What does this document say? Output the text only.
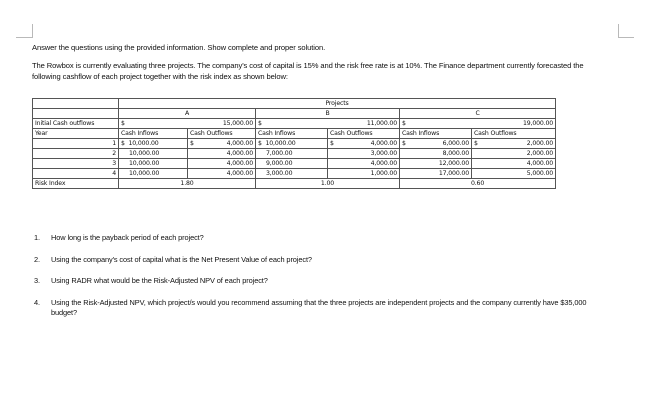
Answer the questions using the provided information. Show complete and proper solution.
The Rowbox is currently evaluating three projects. The company's cost of capital is 15% and the risk free rate is at 10%. The Finance department currently forecasted the following cashflow of each project together with the risk index as shown below:
	Projects					
	A		B		C	
Initial Cash outflows	$ 15,000.00		$ 11,000.00		$ 19,000.00	

Year	Cash Inflows	Cash Outflows	Cash Inflows	Cash Outflows	Cash Inflows	Cash Outflows
1	$ 10,000.00	$ 4,000.00	$ 10,000.00	$ 4,000.00	$ 6,000.00	$ 2,000.00

2	10,000.00	4,000.00	7,000.00	3,000.00	8,000.00	2,000.00
3	10,000.00	4,000.00	9,000.00	4,000.00	12,000.00	4,000.00
4	10,000.00	4,000.00	3,000.00	1,000.00	17,000.00	5,000.00
Risk Index	1.80		1.00		0.60	
1.	How long is the payback period of each project?
2.	Using the company's cost of capital what is the Net Present Value of each project?
3.	Using RADR what would be the Risk-Adjusted NPV of each project?
4.	Using the Risk-Adjusted NPV, which project/s would you recommend assuming that the three projects are independent projects and the company currently have $35,000 budget?
